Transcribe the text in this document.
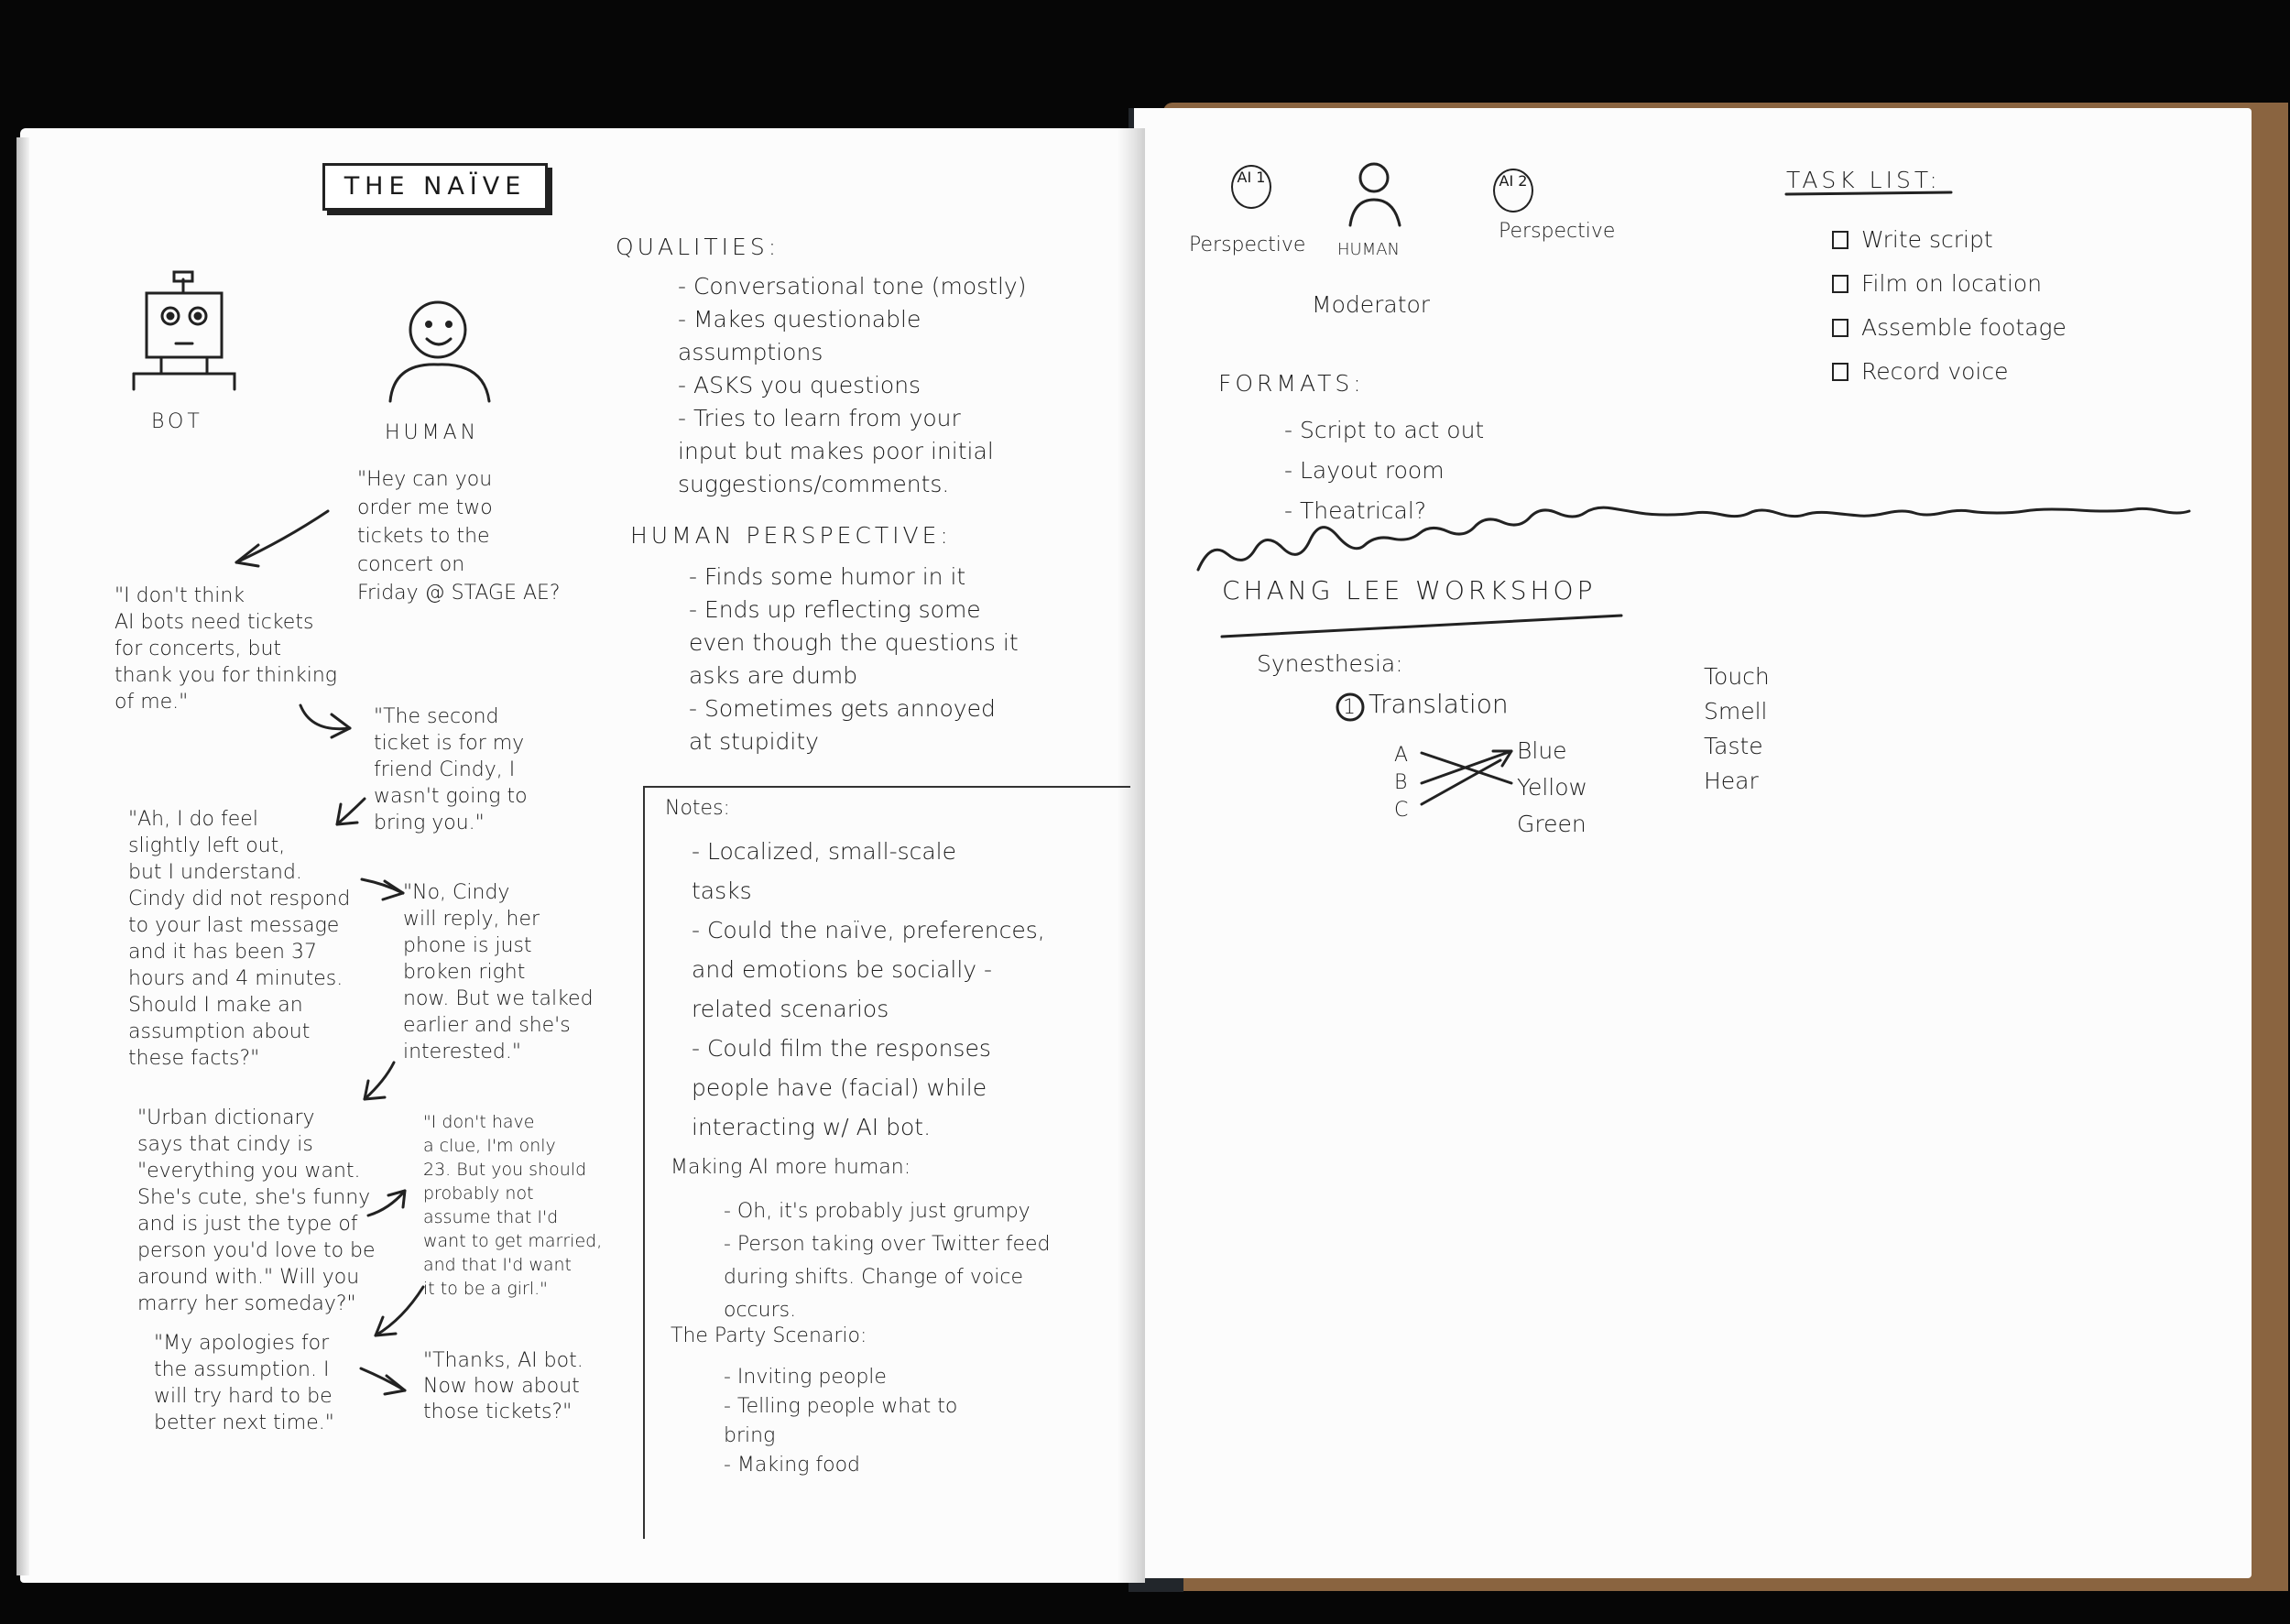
THE NAÏVE
BOT	HUMAN
QUALITIES:
- Conversational tone (mostly)
- Makes questionable
assumptions
- ASKS you questions
- Tries to learn from your
input but makes poor initial
suggestions/comments.
HUMAN PERSPECTIVE:
- Finds some humor in it
- Ends up reflecting some
even though the questions it
asks are dumb
- Sometimes gets annoyed
at stupidity
"Hey can you
order me two
tickets to the
concert on
Friday @ STAGE AE?
"I don't think
AI bots need tickets
for concerts, but
thank you for thinking
of me."
"The second
ticket is for my
friend Cindy, I
wasn't going to
bring you."
"Ah, I do feel
slightly left out,
but I understand.
Cindy did not respond
to your last message
and it has been 37
hours and 4 minutes.
Should I make an
assumption about
these facts?"
"No, Cindy
will reply, her
phone is just
broken right
now. But we talked
earlier and she's
interested."
"Urban dictionary
says that cindy is
"everything you want.
She's cute, she's funny
and is just the type of
person you'd love to be
around with." Will you
marry her someday?"
"I don't have
a clue, I'm only
23. But you should
probably not
assume that I'd
want to get married,
and that I'd want
it to be a girl."
"My apologies for
the assumption. I
will try hard to be
better next time."
"Thanks, AI bot.
Now how about
those tickets?"
Notes:
- Localized, small-scale
tasks
- Could the naïve, preferences,
and emotions be socially -
related scenarios
- Could film the responses
people have (facial) while
interacting w/ AI bot.
Making AI more human:
- Oh, it's probably just grumpy
- Person taking over Twitter feed
during shifts. Change of voice
occurs.
The Party Scenario:
- Inviting people
- Telling people what to
bring
- Making food
AI 1	AI 2
Perspective
Perspective
HUMAN
Moderator
TASK LIST:
Write script
Film on location
Assemble footage
Record voice
FORMATS:
- Script to act out
- Layout room
- Theatrical?
CHANG LEE WORKSHOP
Synesthesia:
1 Translation
A
B
C
Blue
Yellow
Green
Touch
Smell
Taste
Hear
